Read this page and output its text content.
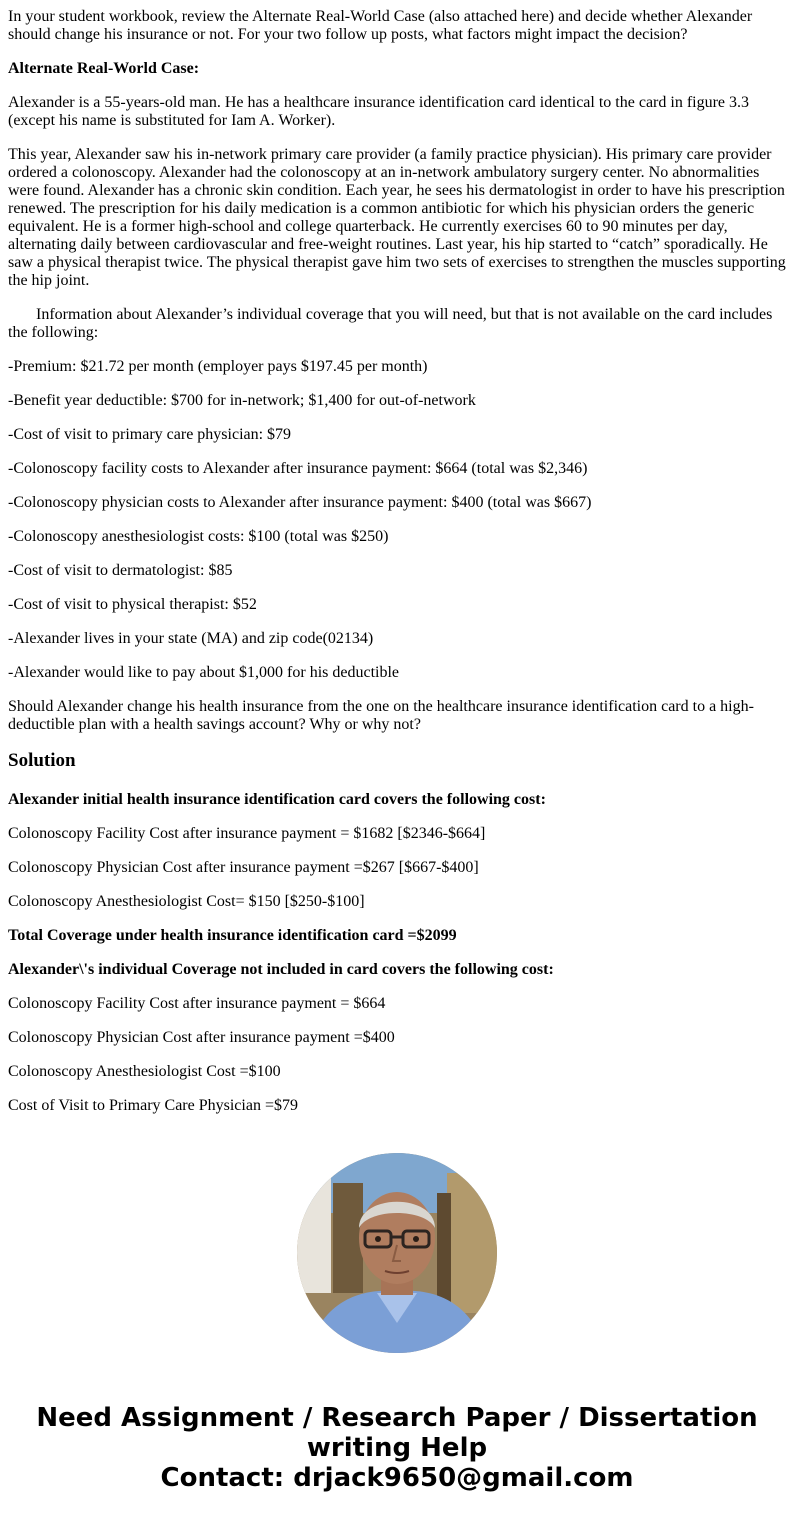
In your student workbook, review the Alternate Real-World Case (also attached here) and decide whether Alexander should change his insurance or not. For your two follow up posts, what factors might impact the decision?

Alternate Real-World Case:

Alexander is a 55-years-old man. He has a healthcare insurance identification card identical to the card in figure 3.3 (except his name is substituted for Iam A. Worker).

This year, Alexander saw his in-network primary care provider (a family practice physician). His primary care provider ordered a colonoscopy. Alexander had the colonoscopy at an in-network ambulatory surgery center. No abnormalities were found. Alexander has a chronic skin condition. Each year, he sees his dermatologist in order to have his prescription renewed. The prescription for his daily medication is a common antibiotic for which his physician orders the generic equivalent. He is a former high-school and college quarterback. He currently exercises 60 to 90 minutes per day, alternating daily between cardiovascular and free-weight routines. Last year, his hip started to “catch” sporadically. He saw a physical therapist twice. The physical therapist gave him two sets of exercises to strengthen the muscles supporting the hip joint.

Information about Alexander’s individual coverage that you will need, but that is not available on the card includes the following:

-Premium: $21.72 per month (employer pays $197.45 per month)

-Benefit year deductible: $700 for in-network; $1,400 for out-of-network

-Cost of visit to primary care physician: $79

-Colonoscopy facility costs to Alexander after insurance payment: $664 (total was $2,346)

-Colonoscopy physician costs to Alexander after insurance payment: $400 (total was $667)

-Colonoscopy anesthesiologist costs: $100 (total was $250)

-Cost of visit to dermatologist: $85

-Cost of visit to physical therapist: $52

-Alexander lives in your state (MA) and zip code(02134)

-Alexander would like to pay about $1,000 for his deductible

Should Alexander change his health insurance from the one on the healthcare insurance identification card to a high-deductible plan with a health savings account? Why or why not?

Solution

Alexander initial health insurance identification card covers the following cost:

Colonoscopy Facility Cost after insurance payment = $1682 [$2346-$664]

Colonoscopy Physician Cost after insurance payment =$267 [$667-$400]

Colonoscopy Anesthesiologist Cost= $150 [$250-$100]

Total Coverage under health insurance identification card =$2099

Alexander\'s individual Coverage not included in card covers the following cost:

Colonoscopy Facility Cost after insurance payment = $664

Colonoscopy Physician Cost after insurance payment =$400

Colonoscopy Anesthesiologist Cost =$100

Cost of Visit to Primary Care Physician =$79

Need Assignment / Research Paper / Dissertation writing Help
Contact: drjack9650@gmail.com
